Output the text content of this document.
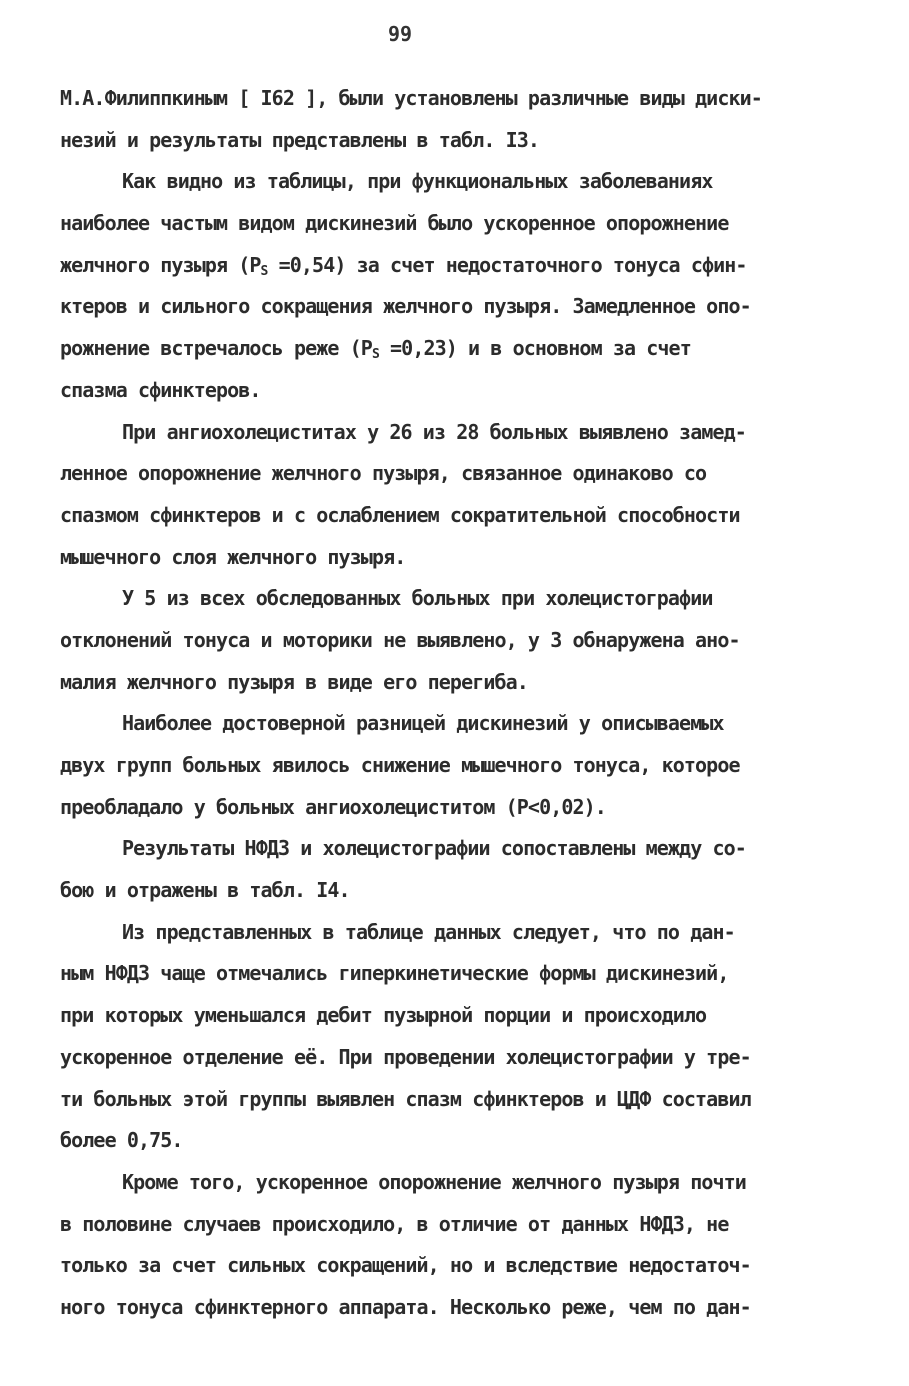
99
М.А.Филиппкиным [ I62 ], были установлены различные виды диски-
незий и результаты представлены в табл. I3.
Как видно из таблицы, при функциональных заболеваниях
наиболее частым видом дискинезий было ускоренное опорожнение
желчного пузыря $(P_S =0,54)$ за счет недостаточного тонуса сфин-
ктеров и сильного сокращения желчного пузыря. Замедленное опо-
рожнение встречалось реже $(P_S =0,23)$ и в основном за счет
спазма сфинктеров.
При ангиохолециститах у 26 из 28 больных выявлено замед-
ленное опорожнение желчного пузыря, связанное одинаково со
спазмом сфинктеров и с ослаблением сократительной способности
мышечного слоя желчного пузыря.
У 5 из всех обследованных больных при холецистографии
отклонений тонуса и моторики не выявлено, у 3 обнаружена ано-
малия желчного пузыря в виде его перегиба.
Наиболее достоверной разницей дискинезий у описываемых
двух групп больных явилось снижение мышечного тонуса, которое
преобладало у больных ангиохолециститом (P<0,02).
Результаты НФДЗ и холецистографии сопоставлены между со-
бою и отражены в табл. I4.
Из представленных в таблице данных следует, что по дан-
ным НФДЗ чаще отмечались гиперкинетические формы дискинезий,
при которых уменьшался дебит пузырной порции и происходило
ускоренное отделение её. При проведении холецистографии у тре-
ти больных этой группы выявлен спазм сфинктеров и ЦДФ составил
более 0,75.
Кроме того, ускоренное опорожнение желчного пузыря почти
в половине случаев происходило, в отличие от данных НФДЗ, не
только за счет сильных сокращений, но и вследствие недостаточ-
ного тонуса сфинктерного аппарата. Несколько реже, чем по дан-
